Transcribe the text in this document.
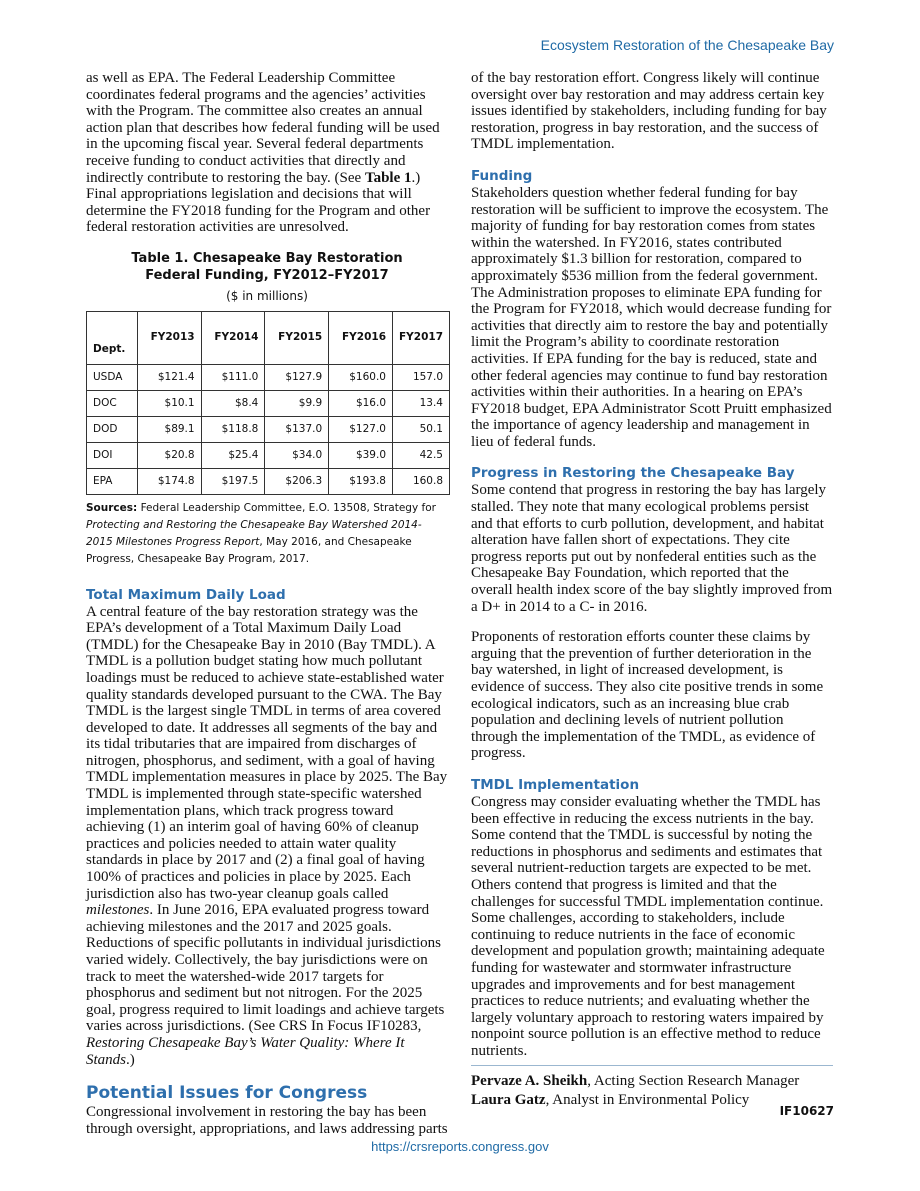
Ecosystem Restoration of the Chesapeake Bay

as well as EPA. The Federal Leadership Committee coordinates federal programs and the agencies’ activities with the Program. The committee also creates an annual action plan that describes how federal funding will be used in the upcoming fiscal year. Several federal departments receive funding to conduct activities that directly and indirectly contribute to restoring the bay. (See Table 1.) Final appropriations legislation and decisions that will determine the FY2018 funding for the Program and other federal restoration activities are unresolved.

Table 1. Chesapeake Bay Restoration Federal Funding, FY2012–FY2017
($ in millions)
Dept.	FY2013	FY2014	FY2015	FY2016	FY2017
USDA	$121.4	$111.0	$127.9	$160.0	157.0
DOC	$10.1	$8.4	$9.9	$16.0	13.4
DOD	$89.1	$118.8	$137.0	$127.0	50.1
DOI	$20.8	$25.4	$34.0	$39.0	42.5
EPA	$174.8	$197.5	$206.3	$193.8	160.8
Sources: Federal Leadership Committee, E.O. 13508, Strategy for Protecting and Restoring the Chesapeake Bay Watershed 2014-2015 Milestones Progress Report, May 2016, and Chesapeake Progress, Chesapeake Bay Program, 2017.
Total Maximum Daily Load

A central feature of the bay restoration strategy was the EPA’s development of a Total Maximum Daily Load (TMDL) for the Chesapeake Bay in 2010 (Bay TMDL). A TMDL is a pollution budget stating how much pollutant loadings must be reduced to achieve state-established water quality standards developed pursuant to the CWA. The Bay TMDL is the largest single TMDL in terms of area covered developed to date. It addresses all segments of the bay and its tidal tributaries that are impaired from discharges of nitrogen, phosphorus, and sediment, with a goal of having TMDL implementation measures in place by 2025. The Bay TMDL is implemented through state-specific watershed implementation plans, which track progress toward achieving (1) an interim goal of having 60% of cleanup practices and policies needed to attain water quality standards in place by 2017 and (2) a final goal of having 100% of practices and policies in place by 2025. Each jurisdiction also has two-year cleanup goals called milestones. In June 2016, EPA evaluated progress toward achieving milestones and the 2017 and 2025 goals. Reductions of specific pollutants in individual jurisdictions varied widely. Collectively, the bay jurisdictions were on track to meet the watershed-wide 2017 targets for phosphorus and sediment but not nitrogen. For the 2025 goal, progress required to limit loadings and achieve targets varies across jurisdictions. (See CRS In Focus IF10283, Restoring Chesapeake Bay’s Water Quality: Where It Stands.)

Potential Issues for Congress

Congressional involvement in restoring the bay has been through oversight, appropriations, and laws addressing parts

of the bay restoration effort. Congress likely will continue oversight over bay restoration and may address certain key issues identified by stakeholders, including funding for bay restoration, progress in bay restoration, and the success of TMDL implementation.

Funding

Stakeholders question whether federal funding for bay restoration will be sufficient to improve the ecosystem. The majority of funding for bay restoration comes from states within the watershed. In FY2016, states contributed approximately $1.3 billion for restoration, compared to approximately $536 million from the federal government. The Administration proposes to eliminate EPA funding for the Program for FY2018, which would decrease funding for activities that directly aim to restore the bay and potentially limit the Program’s ability to coordinate restoration activities. If EPA funding for the bay is reduced, state and other federal agencies may continue to fund bay restoration activities within their authorities. In a hearing on EPA’s FY2018 budget, EPA Administrator Scott Pruitt emphasized the importance of agency leadership and management in lieu of federal funds.

Progress in Restoring the Chesapeake Bay

Some contend that progress in restoring the bay has largely stalled. They note that many ecological problems persist and that efforts to curb pollution, development, and habitat alteration have fallen short of expectations. They cite progress reports put out by nonfederal entities such as the Chesapeake Bay Foundation, which reported that the overall health index score of the bay slightly improved from a D+ in 2014 to a C- in 2016.

Proponents of restoration efforts counter these claims by arguing that the prevention of further deterioration in the bay watershed, in light of increased development, is evidence of success. They also cite positive trends in some ecological indicators, such as an increasing blue crab population and declining levels of nutrient pollution through the implementation of the TMDL, as evidence of progress.

TMDL Implementation

Congress may consider evaluating whether the TMDL has been effective in reducing the excess nutrients in the bay. Some contend that the TMDL is successful by noting the reductions in phosphorus and sediments and estimates that several nutrient-reduction targets are expected to be met. Others contend that progress is limited and that the challenges for successful TMDL implementation continue. Some challenges, according to stakeholders, include continuing to reduce nutrients in the face of economic development and population growth; maintaining adequate funding for wastewater and stormwater infrastructure upgrades and improvements and for best management practices to reduce nutrients; and evaluating whether the largely voluntary approach to restoring waters impaired by nonpoint source pollution is an effective method to reduce nutrients.

Pervaze A. Sheikh, Acting Section Research Manager
Laura Gatz, Analyst in Environmental Policy
IF10627
https://crsreports.congress.gov
